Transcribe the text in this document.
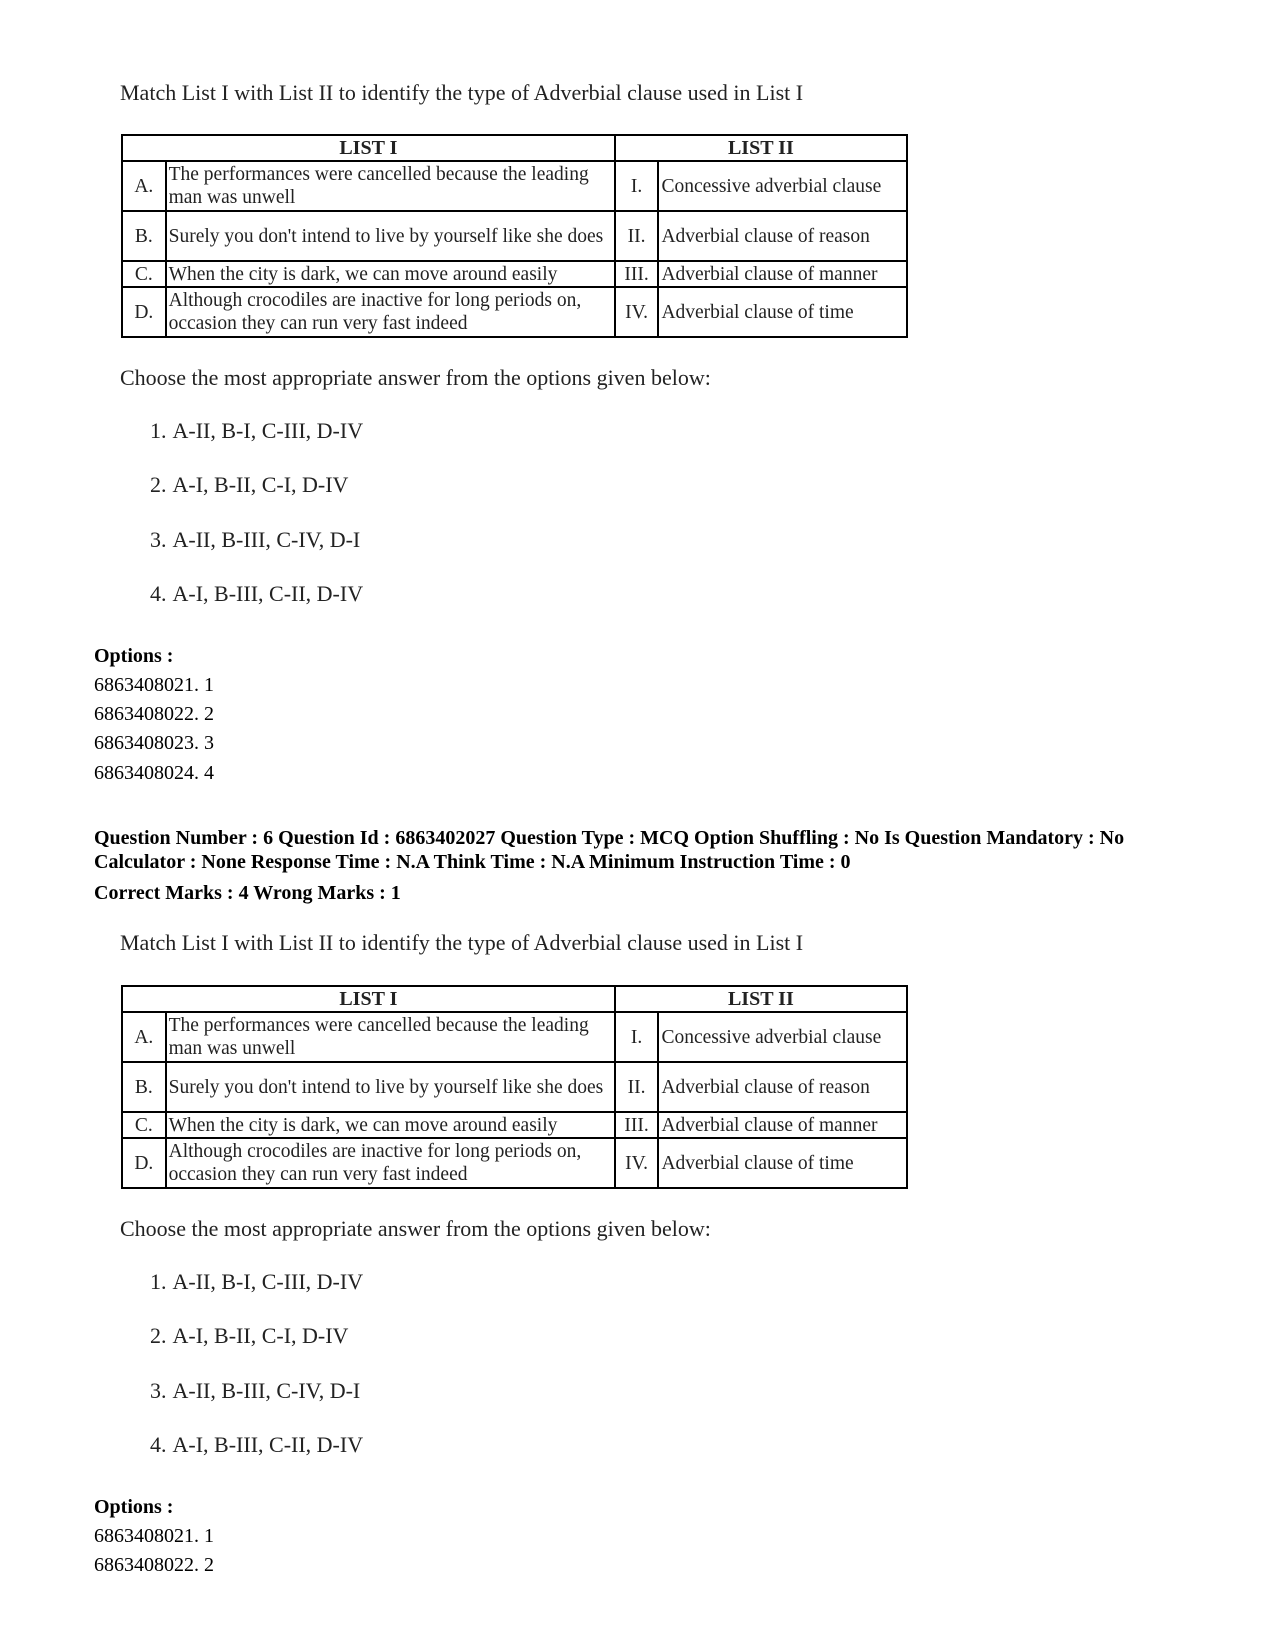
Match List I with List II to identify the type of Adverbial clause used in List I

LIST I		LIST II	
A.	The performances were cancelled because the leading man was unwell	I.	Concessive adverbial clause
B.	Surely you don't intend to live by yourself like she does	II.	Adverbial clause of reason
C.	When the city is dark, we can move around easily	III.	Adverbial clause of manner
D.	Although crocodiles are inactive for long periods on, occasion they can run very fast indeed	IV.	Adverbial clause of time

Choose the most appropriate answer from the options given below:

1. A-II, B-I, C-III, D-IV

2. A-I, B-II, C-I, D-IV

3. A-II, B-III, C-IV, D-I

4. A-I, B-III, C-II, D-IV

Options :

6863408021. 1

6863408022. 2

6863408023. 3

6863408024. 4

Question Number : 6 Question Id : 6863402027 Question Type : MCQ Option Shuffling : No Is Question Mandatory : No Calculator : None Response Time : N.A Think Time : N.A Minimum Instruction Time : 0

Correct Marks : 4 Wrong Marks : 1

Match List I with List II to identify the type of Adverbial clause used in List I

LIST I		LIST II	
A.	The performances were cancelled because the leading man was unwell	I.	Concessive adverbial clause
B.	Surely you don't intend to live by yourself like she does	II.	Adverbial clause of reason
C.	When the city is dark, we can move around easily	III.	Adverbial clause of manner
D.	Although crocodiles are inactive for long periods on, occasion they can run very fast indeed	IV.	Adverbial clause of time

Choose the most appropriate answer from the options given below:

1. A-II, B-I, C-III, D-IV

2. A-I, B-II, C-I, D-IV

3. A-II, B-III, C-IV, D-I

4. A-I, B-III, C-II, D-IV

Options :

6863408021. 1

6863408022. 2
